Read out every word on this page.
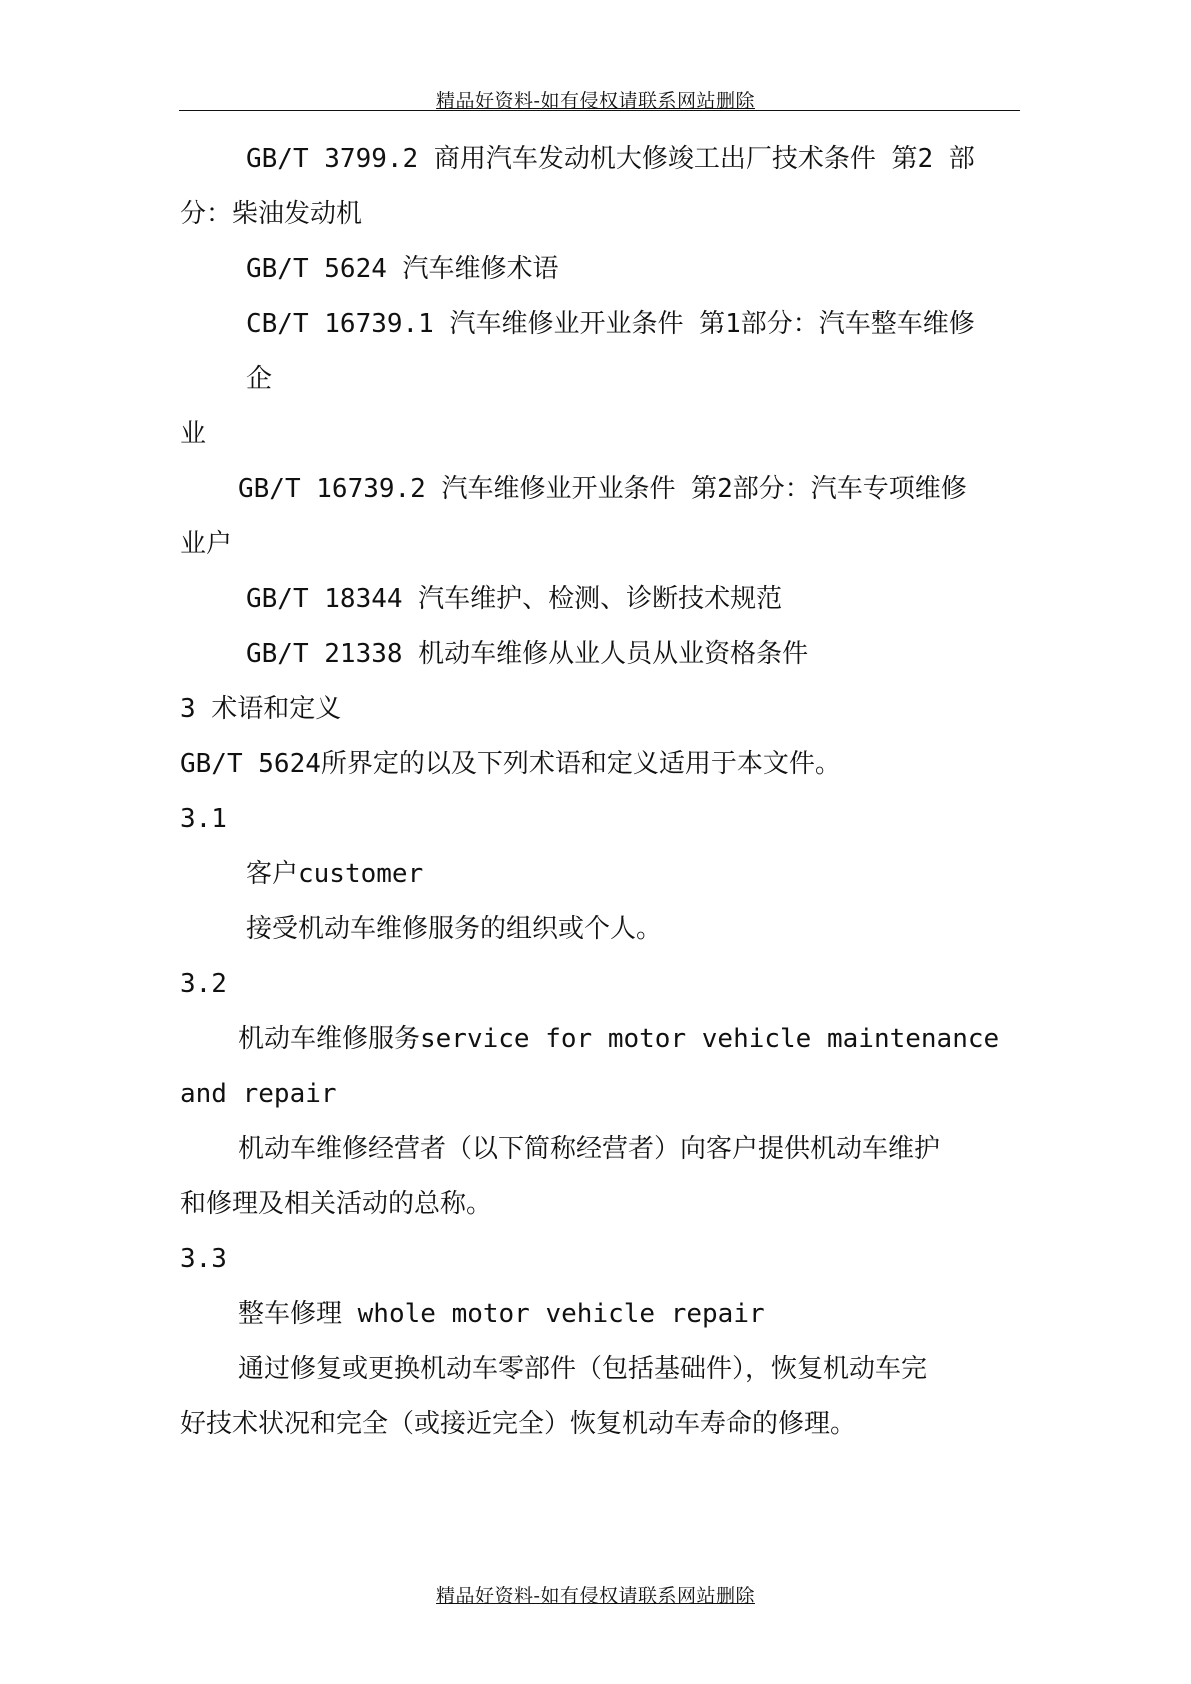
精品好资料-如有侵权请联系网站删除
GB/T 3799.2 商用汽车发动机大修竣工出厂技术条件 第2 部
分：柴油发动机
GB/T 5624 汽车维修术语
CB/T 16739.1 汽车维修业开业条件 第1部分：汽车整车维修
企
业
GB/T 16739.2 汽车维修业开业条件 第2部分：汽车专项维修
业户
GB/T 18344 汽车维护、检测、诊断技术规范
GB/T 21338 机动车维修从业人员从业资格条件
3 术语和定义
GB/T 5624所界定的以及下列术语和定义适用于本文件。
3.1
客户customer
接受机动车维修服务的组织或个人。
3.2
机动车维修服务service for motor vehicle maintenance
and repair
机动车维修经营者（以下简称经营者）向客户提供机动车维护
和修理及相关活动的总称。
3.3
整车修理 whole motor vehicle repair
通过修复或更换机动车零部件（包括基础件），恢复机动车完
好技术状况和完全（或接近完全）恢复机动车寿命的修理。
精品好资料-如有侵权请联系网站删除
